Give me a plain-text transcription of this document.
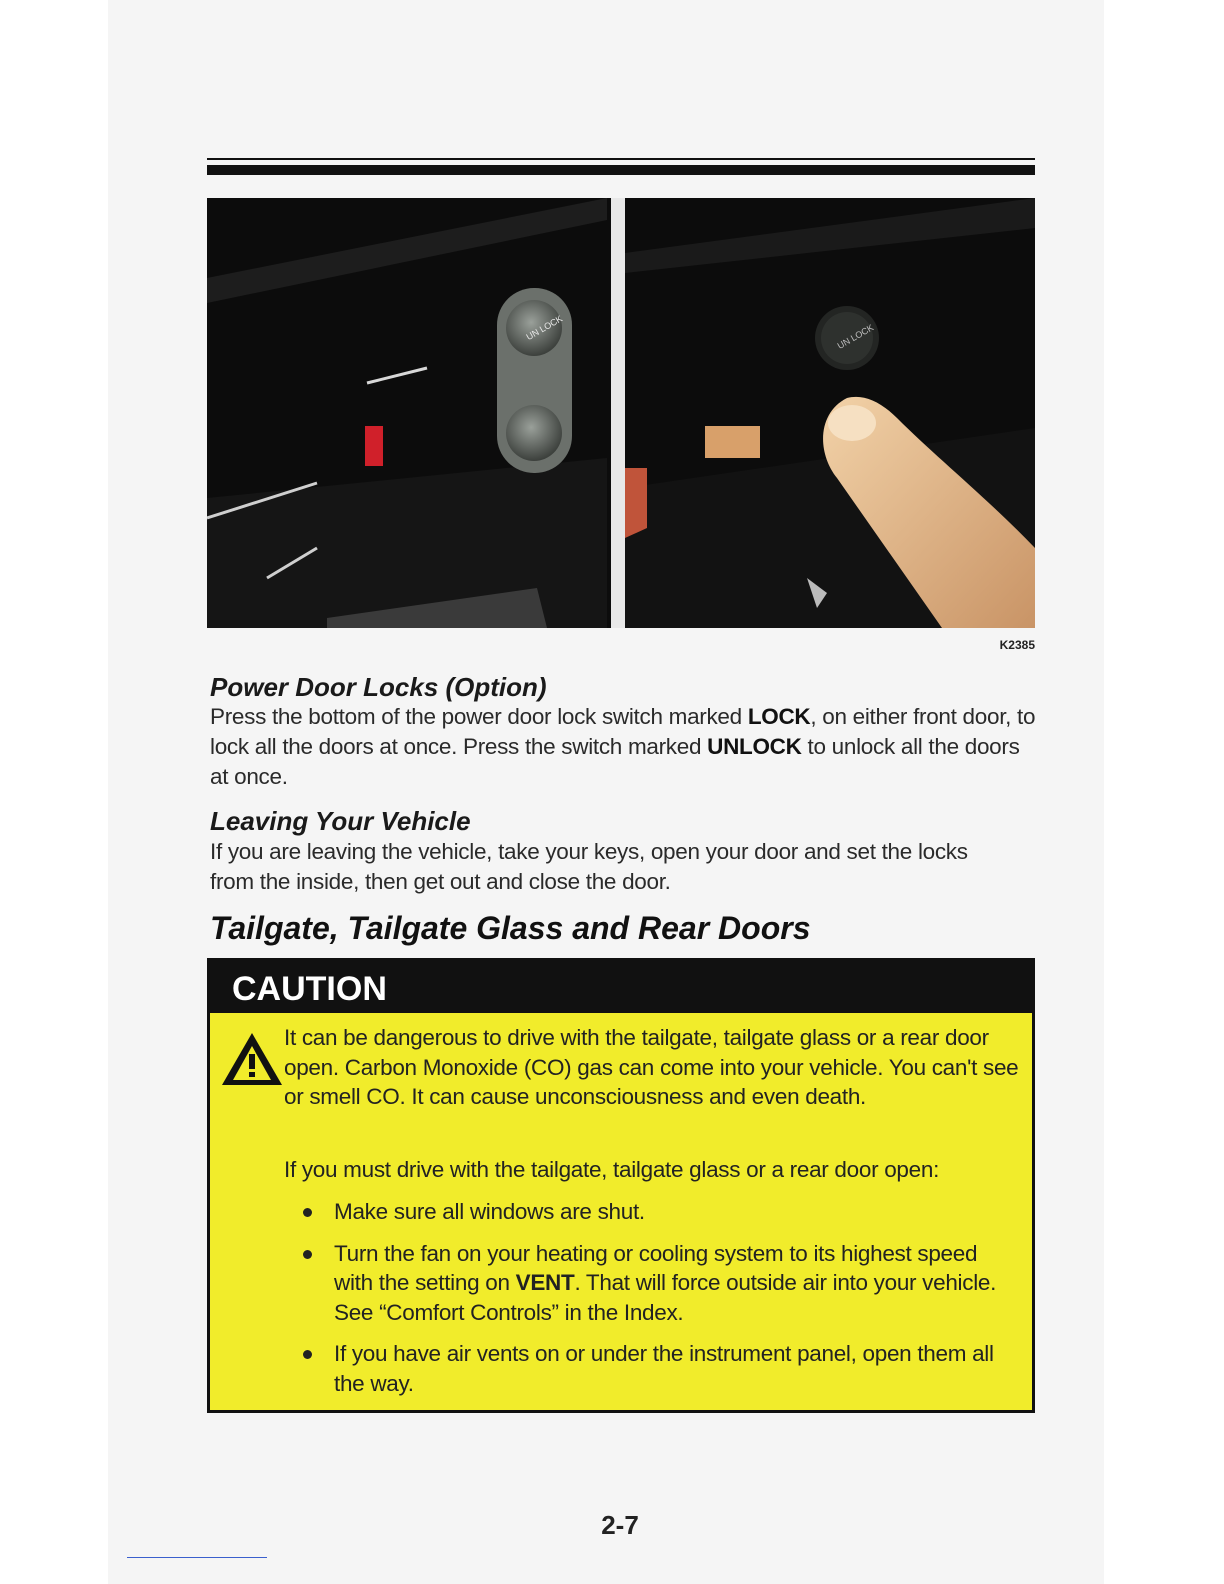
UN LOCK	UN LOCK
K2385
Power Door Locks (Option)

Press the bottom of the power door lock switch marked LOCK, on either front door, to lock all the doors at once. Press the switch marked UNLOCK to unlock all the doors at once.

Leaving Your Vehicle

If you are leaving the vehicle, take your keys, open your door and set the locks from the inside, then get out and close the door.

Tailgate, Tailgate Glass and Rear Doors
CAUTION

It can be dangerous to drive with the tailgate, tailgate glass or a rear door open. Carbon Monoxide (CO) gas can come into your vehicle. You can't see or smell CO. It can cause unconsciousness and even death.

If you must drive with the tailgate, tailgate glass or a rear door open:

Make sure all windows are shut.
Turn the fan on your heating or cooling system to its highest speed with the setting on VENT. That will force outside air into your vehicle. See “Comfort Controls” in the Index.
If you have air vents on or under the instrument panel, open them all the way.
2-7
